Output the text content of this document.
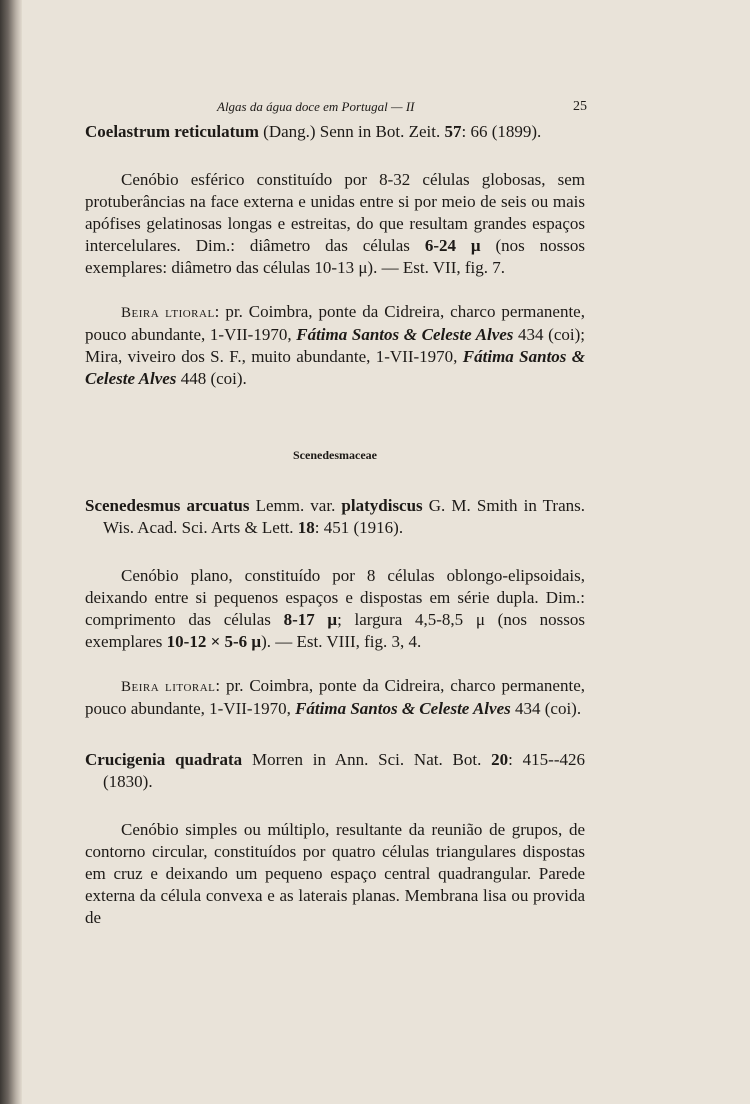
Algas da água doce em Portugal — II	25

Coelastrum reticulatum (Dang.) Senn in Bot. Zeit. 57: 66 (1899).

Cenóbio esférico constituído por 8-32 células globosas, sem protuberâncias na face externa e unidas entre si por meio de seis ou mais apófises gelatinosas longas e estreitas, do que resultam grandes espaços intercelulares. Dim.: diâmetro das células 6-24 μ (nos nossos exemplares: diâmetro das células 10-13 μ). — Est. VII, fig. 7.

Beira ltioral: pr. Coimbra, ponte da Cidreira, charco permanente, pouco abundante, 1-VII-1970, Fátima Santos & Celeste Alves 434 (coi); Mira, viveiro dos S. F., muito abundante, 1-VII-1970, Fátima Santos & Celeste Alves 448 (coi).

Scenedesmaceae

Scenedesmus arcuatus Lemm. var. platydiscus G. M. Smith in Trans. Wis. Acad. Sci. Arts & Lett. 18: 451 (1916).

Cenóbio plano, constituído por 8 células oblongo-elipsoidais, deixando entre si pequenos espaços e dispostas em série dupla. Dim.: comprimento das células 8-17 μ; largura 4,5-8,5 μ (nos nossos exemplares 10-12 × 5-6 μ). — Est. VIII, fig. 3, 4.

Beira litoral: pr. Coimbra, ponte da Cidreira, charco permanente, pouco abundante, 1-VII-1970, Fátima Santos & Celeste Alves 434 (coi).

Crucigenia quadrata Morren in Ann. Sci. Nat. Bot. 20: 415--426 (1830).

Cenóbio simples ou múltiplo, resultante da reunião de grupos, de contorno circular, constituídos por quatro células triangulares dispostas em cruz e deixando um pequeno espaço central quadrangular. Parede externa da célula convexa e as laterais planas. Membrana lisa ou provida de
